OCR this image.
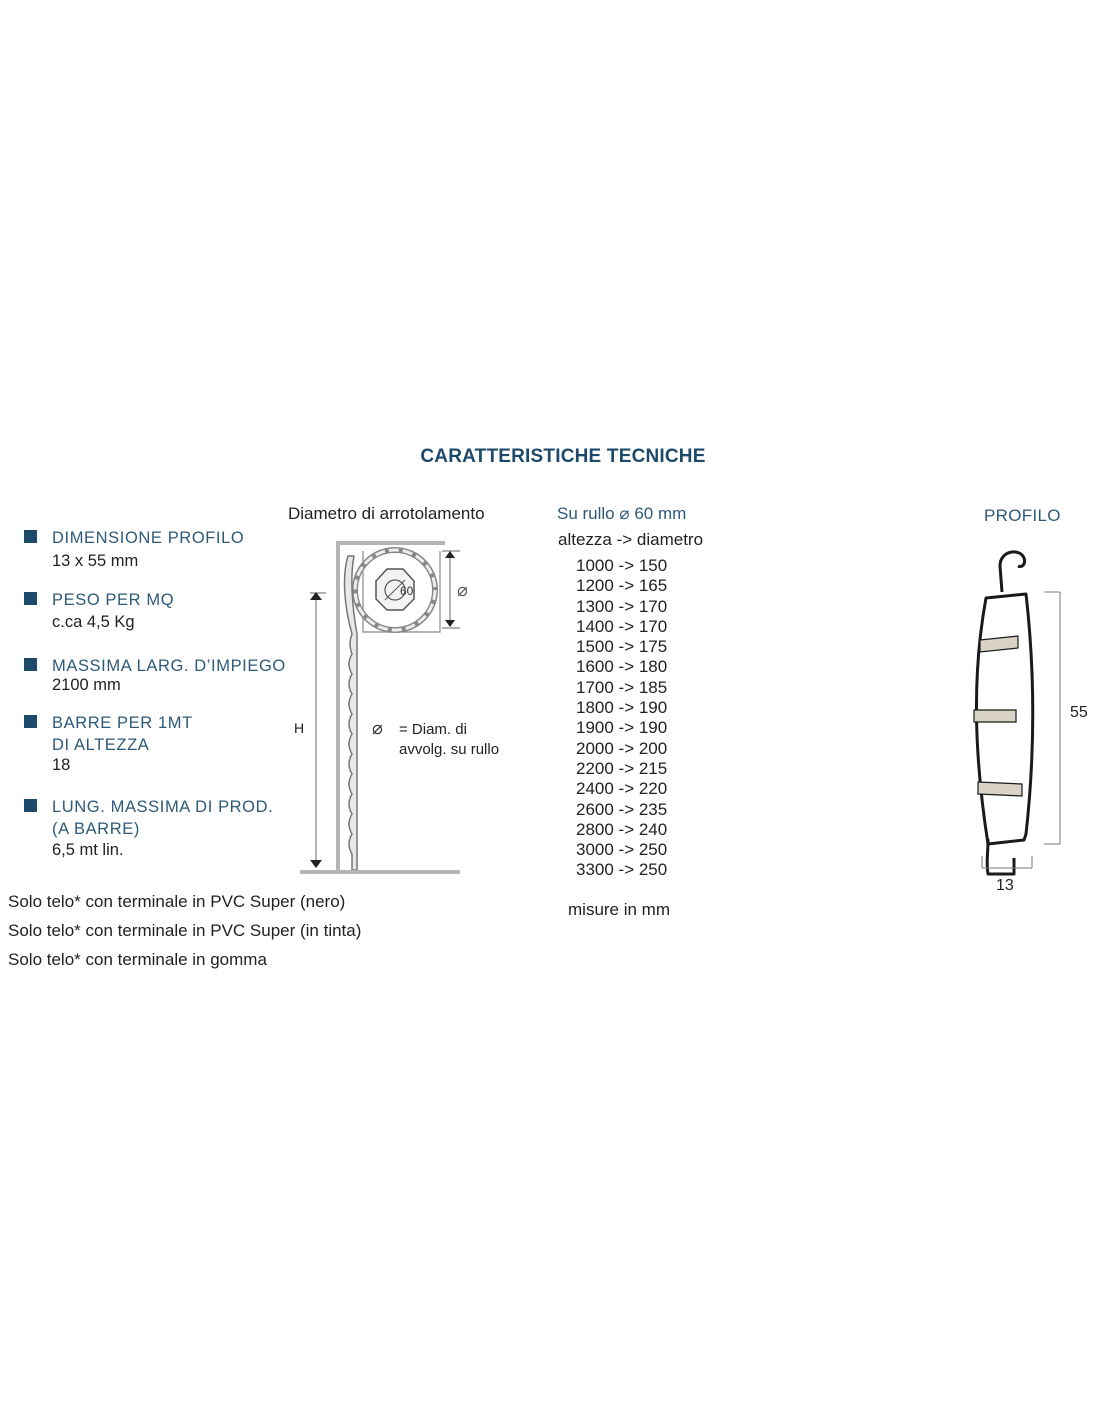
CARATTERISTICHE TECNICHE
DIMENSIONE PROFILO
13 x 55 mm
PESO PER MQ
c.ca 4,5 Kg
MASSIMA LARG. D’IMPIEGO
2100 mm
BARRE PER 1MT
DI ALTEZZA
18
LUNG. MASSIMA DI PROD.
(A BARRE)
6,5 mt lin.
Solo telo* con terminale in PVC Super (nero)
Solo telo* con terminale in PVC Super (in tinta)
Solo telo* con terminale in gomma
Diametro di arrotolamento
60
H
⌀
⌀ = Diam. di
avvolg. su rullo
Su rullo ⌀ 60 mm
altezza -> diametro
1000 -> 150
1200 -> 165
1300 -> 170
1400 -> 170
1500 -> 175
1600 -> 180
1700 -> 185
1800 -> 190
1900 -> 190
2000 -> 200
2200 -> 215
2400 -> 220
2600 -> 235
2800 -> 240
3000 -> 250
3300 -> 250
misure in mm
PROFILO
55
13
